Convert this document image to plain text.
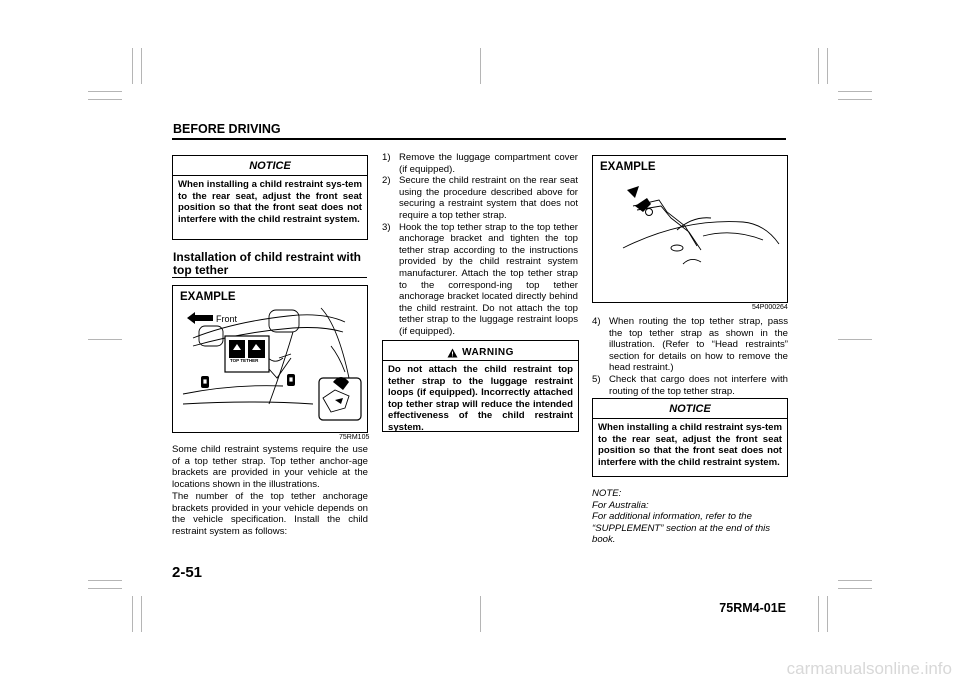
BEFORE DRIVING
NOTICE
When installing a child restraint sys-tem to the rear seat, adjust the front seat position so that the front seat does not interfere with the child restraint system.
Installation of child restraint with top tether
EXAMPLE
Front
TOP TETHER
75RM105
Some child restraint systems require the use of a top tether strap. Top tether anchor-age brackets are provided in your vehicle at the locations shown in the illustrations.
The number of the top tether anchorage brackets provided in your vehicle depends on the vehicle specification. Install the child restraint system as follows:
1) Remove the luggage compartment cover (if equipped).
2) Secure the child restraint on the rear seat using the procedure described above for securing a restraint system that does not require a top tether strap.
3) Hook the top tether strap to the top tether anchorage bracket and tighten the top tether strap according to the instructions provided by the child restraint system manufacturer. Attach the top tether strap to the correspond-ing top tether anchorage bracket located directly behind the child restraint. Do not attach the top tether strap to the luggage restraint loops (if equipped).
WARNING
Do not attach the child restraint top tether strap to the luggage restraint loops (if equipped). Incorrectly attached top tether strap will reduce the intended effectiveness of the child restraint system.
EXAMPLE
54P000264
4) When routing the top tether strap, pass the top tether strap as shown in the illustration. (Refer to “Head restraints” section for details on how to remove the head restraint.)
5) Check that cargo does not interfere with routing of the top tether strap.
NOTICE
When installing a child restraint sys-tem to the rear seat, adjust the front seat position so that the front seat does not interfere with the child restraint system.
NOTE:
For Australia:
For additional information, refer to the “SUPPLEMENT” section at the end of this book.
2-51
75RM4-01E
carmanualsonline.info
